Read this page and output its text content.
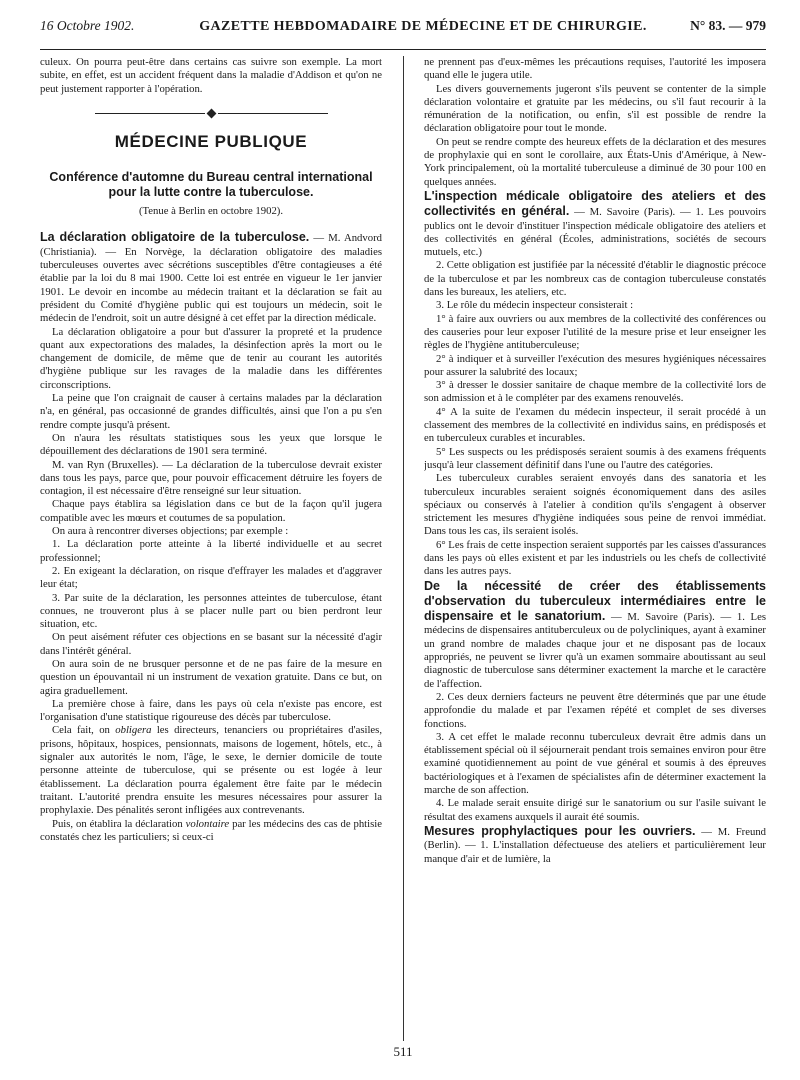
16 Octobre 1902.	GAZETTE HEBDOMADAIRE DE MÉDECINE ET DE CHIRURGIE.	N° 83. — 979

culeux. On pourra peut-être dans certains cas suivre son exemple. La mort subite, en effet, est un accident fréquent dans la maladie d'Addison et qu'on ne peut justement rapporter à l'opération.

MÉDECINE PUBLIQUE
Conférence d'automne du Bureau central international pour la lutte contre la tuberculose.
(Tenue à Berlin en octobre 1902).

La déclaration obligatoire de la tuberculose. — M. Andvord (Christiania). — En Norvège, la déclaration obligatoire des maladies tuberculeuses ouvertes avec sécrétions susceptibles d'être contagieuses a été établie par la loi du 8 mai 1900. Cette loi est entrée en vigueur le 1er janvier 1901. Le devoir en incombe au médecin traitant et la déclaration se fait au président du Comité d'hygiène public qui est toujours un médecin, soit le médecin de l'endroit, soit un autre désigné à cet effet par la direction médicale.

La déclaration obligatoire a pour but d'assurer la propreté et la prudence quant aux expectorations des malades, la désinfection après la mort ou le changement de domicile, de même que de tenir au courant les autorités d'hygiène publique sur les ravages de la maladie dans les différentes circonscriptions.

La peine que l'on craignait de causer à certains malades par la déclaration n'a, en général, pas occasionné de grandes difficultés, ainsi que l'on a pu s'en rendre compte jusqu'à présent.

On n'aura les résultats statistiques sous les yeux que lorsque le dépouillement des déclarations de 1901 sera terminé.

M. van Ryn (Bruxelles). — La déclaration de la tuberculose devrait exister dans tous les pays, parce que, pour pouvoir efficacement détruire les foyers de contagion, il est nécessaire d'être renseigné sur leur situation.

Chaque pays établira sa législation dans ce but de la façon qu'il jugera compatible avec les mœurs et coutumes de sa population.

On aura à rencontrer diverses objections; par exemple :

1. La déclaration porte atteinte à la liberté individuelle et au secret professionnel;

2. En exigeant la déclaration, on risque d'effrayer les malades et d'aggraver leur état;

3. Par suite de la déclaration, les personnes atteintes de tuberculose, étant connues, ne trouveront plus à se placer nulle part ou bien perdront leur situation, etc.

On peut aisément réfuter ces objections en se basant sur la nécessité d'agir dans l'intérêt général.

On aura soin de ne brusquer personne et de ne pas faire de la mesure en question un épouvantail ni un instrument de vexation gratuite. Dans ce but, on agira graduellement.

La première chose à faire, dans les pays où cela n'existe pas encore, est l'organisation d'une statistique rigoureuse des décès par tuberculose.

Cela fait, on obligera les directeurs, tenanciers ou propriétaires d'asiles, prisons, hôpitaux, hospices, pensionnats, maisons de logement, hôtels, etc., à signaler aux autorités le nom, l'âge, le sexe, le dernier domicile de toute personne atteinte de tuberculose, qui se présente ou est logée à leur établissement. La déclaration pourra également être faite par le médecin traitant. L'autorité prendra ensuite les mesures nécessaires pour assurer la prophylaxie. Des pénalités seront infligées aux contrevenants.

Puis, on établira la déclaration volontaire par les médecins des cas de phtisie constatés chez les particuliers; si ceux-ci

ne prennent pas d'eux-mêmes les précautions requises, l'autorité les imposera quand elle le jugera utile.

Les divers gouvernements jugeront s'ils peuvent se contenter de la simple déclaration volontaire et gratuite par les médecins, ou s'il faut recourir à la rémunération de la notification, ou enfin, s'il est possible de rendre la déclaration obligatoire pour tout le monde.

On peut se rendre compte des heureux effets de la déclaration et des mesures de prophylaxie qui en sont le corollaire, aux États-Unis d'Amérique, à New-York principalement, où la mortalité tuberculeuse a diminué de 30 pour 100 en quelques années.

L'inspection médicale obligatoire des ateliers et des collectivités en général. — M. Savoire (Paris). — 1. Les pouvoirs publics ont le devoir d'instituer l'inspection médicale obligatoire des ateliers et des collectivités en général (Écoles, administrations, sociétés de secours mutuels, etc.)

2. Cette obligation est justifiée par la nécessité d'établir le diagnostic précoce de la tuberculose et par les nombreux cas de contagion tuberculeuse constatés dans les bureaux, les ateliers, etc.

3. Le rôle du médecin inspecteur consisterait :

1° à faire aux ouvriers ou aux membres de la collectivité des conférences ou des causeries pour leur exposer l'utilité de la mesure prise et leur enseigner les règles de l'hygiène antituberculeuse;

2° à indiquer et à surveiller l'exécution des mesures hygiéniques nécessaires pour assurer la salubrité des locaux;

3° à dresser le dossier sanitaire de chaque membre de la collectivité lors de son admission et à le compléter par des examens renouvelés.

4° A la suite de l'examen du médecin inspecteur, il serait procédé à un classement des membres de la collectivité en individus sains, en prédisposés et en tuberculeux curables et incurables.

5° Les suspects ou les prédisposés seraient soumis à des examens fréquents jusqu'à leur classement définitif dans l'une ou l'autre des catégories.

Les tuberculeux curables seraient envoyés dans des sanatoria et les tuberculeux incurables seraient soignés économiquement dans des asiles spéciaux ou conservés à l'atelier à condition qu'ils s'engagent à observer strictement les mesures d'hygiène indiquées sous peine de renvoi immédiat. Dans tous les cas, ils seraient isolés.

6° Les frais de cette inspection seraient supportés par les caisses d'assurances dans les pays où elles existent et par les industriels ou les chefs de collectivité dans les autres pays.

De la nécessité de créer des établissements d'observation du tuberculeux intermédiaires entre le dispensaire et le sanatorium. — M. Savoire (Paris). — 1. Les médecins de dispensaires antituberculeux ou de polycliniques, ayant à examiner un grand nombre de malades chaque jour et ne disposant pas de locaux appropriés, ne peuvent se livrer qu'à un examen sommaire aboutissant au seul diagnostic de tuberculose sans déterminer exactement la marche et le caractère de l'affection.

2. Ces deux derniers facteurs ne peuvent être déterminés que par une étude approfondie du malade et par l'examen répété et complet de ses diverses fonctions.

3. A cet effet le malade reconnu tuberculeux devrait être admis dans un établissement spécial où il séjournerait pendant trois semaines environ pour être examiné quotidiennement au point de vue général et soumis à des épreuves bactériologiques et à l'examen de spécialistes afin de déterminer exactement la marche de son affection.

4. Le malade serait ensuite dirigé sur le sanatorium ou sur l'asile suivant le résultat des examens auxquels il aurait été soumis.

Mesures prophylactiques pour les ouvriers. — M. Freund (Berlin). — 1. L'installation défectueuse des ateliers et particulièrement leur manque d'air et de lumière, la

511
